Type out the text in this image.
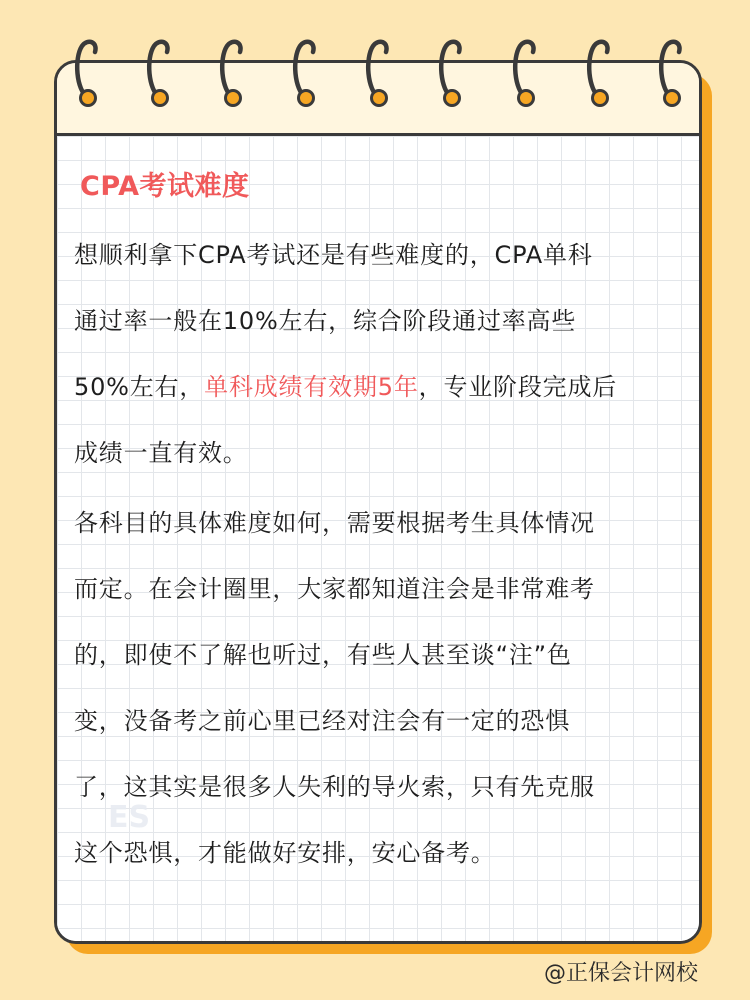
CPA考试难度
想顺利拿下CPA考试还是有些难度的，CPA单科
通过率一般在10%左右，综合阶段通过率高些
50%左右，单科成绩有效期5年，专业阶段完成后
成绩一直有效。
各科目的具体难度如何，需要根据考生具体情况
而定。在会计圈里，大家都知道注会是非常难考
的，即使不了解也听过，有些人甚至谈“注”色
变，没备考之前心里已经对注会有一定的恐惧
了，这其实是很多人失利的导火索，只有先克服
这个恐惧，才能做好安排，安心备考。
ES
@正保会计网校
